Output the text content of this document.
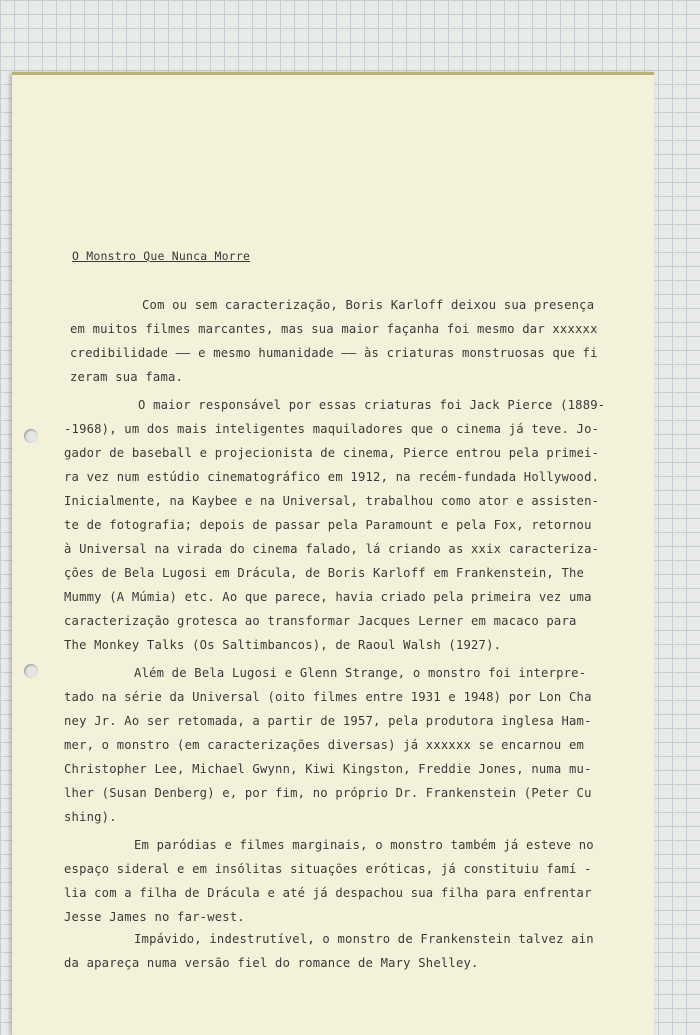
O Monstro Que Nunca Morre
Com ou sem caracterização, Boris Karloff deixou sua presença
em muitos filmes marcantes, mas sua maior façanha foi mesmo dar xxxxxx
credibilidade —— e mesmo humanidade —— às criaturas monstruosas que fi
zeram sua fama.
O maior responsável por essas criaturas foi Jack Pierce (1889-
-1968), um dos mais inteligentes maquiladores que o cinema já teve. Jo-
gador de baseball e projecionista de cinema, Pierce entrou pela primei-
ra vez num estúdio cinematográfico em 1912, na recém-fundada Hollywood.
Inicialmente, na Kaybee e na Universal, trabalhou como ator e assisten-
te de fotografia; depois de passar pela Paramount e pela Fox, retornou
à Universal na virada do cinema falado, lá criando as xxix caracteriza-
ções de Bela Lugosi em Drácula, de Boris Karloff em Frankenstein, The
Mummy (A Múmia) etc. Ao que parece, havia criado pela primeira vez uma
caracterização grotesca ao transformar Jacques Lerner em macaco para
The Monkey Talks (Os Saltimbancos), de Raoul Walsh (1927).
Além de Bela Lugosi e Glenn Strange, o monstro foi interpre-
tado na série da Universal (oito filmes entre 1931 e 1948) por Lon Cha
ney Jr. Ao ser retomada, a partir de 1957, pela produtora inglesa Ham-
mer, o monstro (em caracterizações diversas) já xxxxxx se encarnou em
Christopher Lee, Michael Gwynn, Kiwi Kingston, Freddie Jones, numa mu-
lher (Susan Denberg) e, por fim, no próprio Dr. Frankenstein (Peter Cu
shing).
Em paródias e filmes marginais, o monstro também já esteve no
espaço sideral e em insólitas situações eróticas, já constituiu famí -
lia com a filha de Drácula e até já despachou sua filha para enfrentar
Jesse James no far-west.
Impávido, indestrutível, o monstro de Frankenstein talvez ain
da apareça numa versão fiel do romance de Mary Shelley.
